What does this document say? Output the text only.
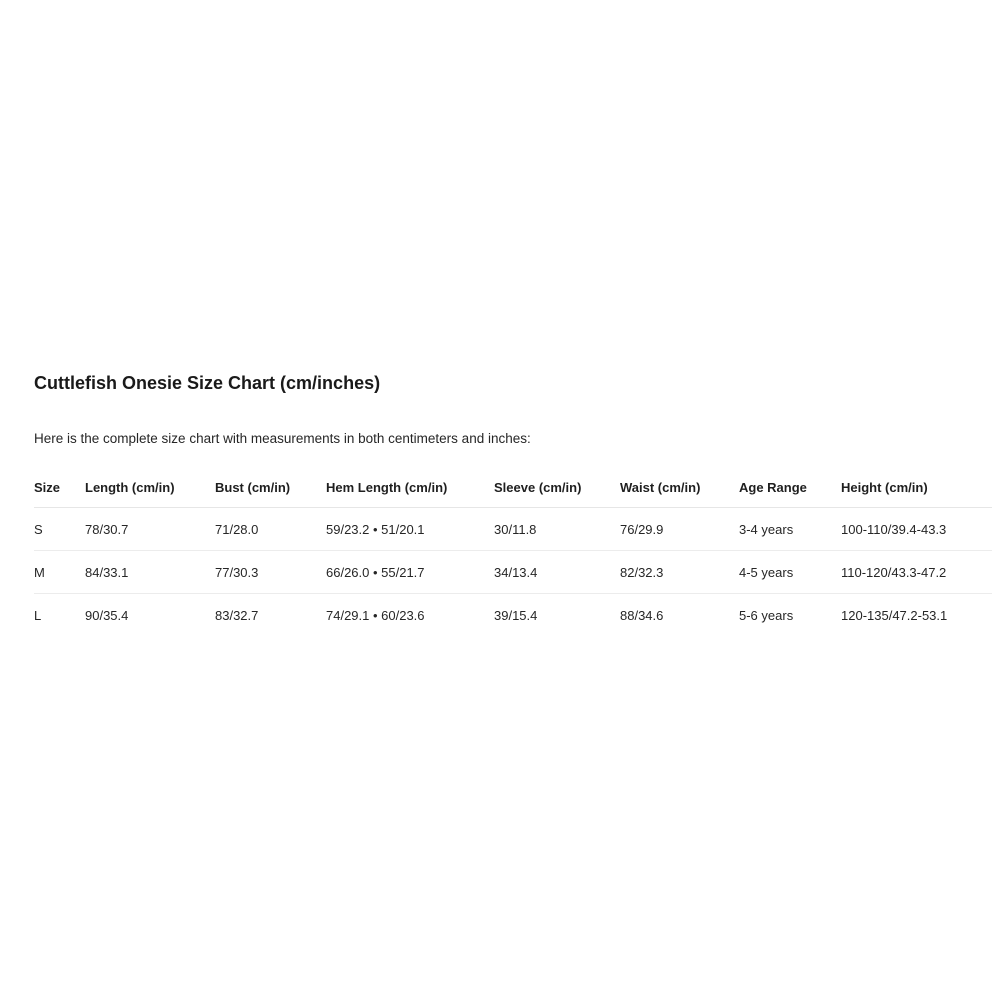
Cuttlefish Onesie Size Chart (cm/inches)

Here is the complete size chart with measurements in both centimeters and inches:

Size	Length (cm/in)	Bust (cm/in)	Hem Length (cm/in)	Sleeve (cm/in)	Waist (cm/in)	Age Range	Height (cm/in)
S	78/30.7	71/28.0	59/23.2 • 51/20.1	30/11.8	76/29.9	3-4 years	100-110/39.4-43.3
M	84/33.1	77/30.3	66/26.0 • 55/21.7	34/13.4	82/32.3	4-5 years	110-120/43.3-47.2
L	90/35.4	83/32.7	74/29.1 • 60/23.6	39/15.4	88/34.6	5-6 years	120-135/47.2-53.1
